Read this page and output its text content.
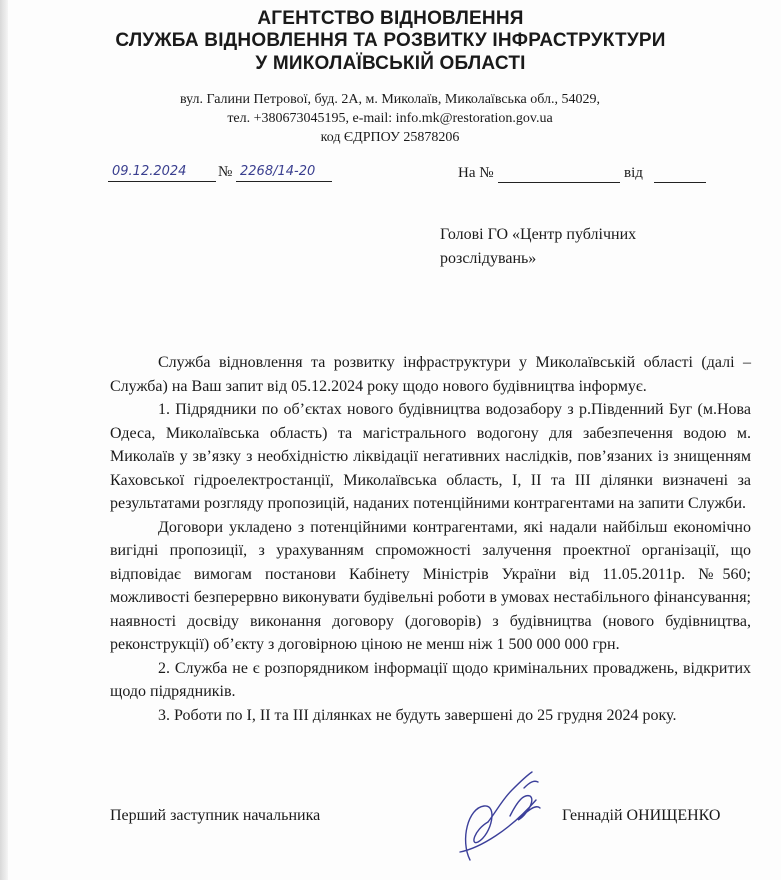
АГЕНТСТВО ВІДНОВЛЕННЯ
СЛУЖБА ВІДНОВЛЕННЯ ТА РОЗВИТКУ ІНФРАСТРУКТУРИ
У МИКОЛАЇВСЬКІЙ ОБЛАСТІ
вул. Галини Петрової, буд. 2А, м. Миколаїв, Миколаївська обл., 54029,
тел. +380673045195, e-mail: info.mk@restoration.gov.ua
код ЄДРПОУ 25878206
09.12.2024 № 2268/14-20	На №	від
Голові ГО «Центр публічних
розслідувань»

Служба відновлення та розвитку інфраструктури у Миколаївській області (далі – Служба) на Ваш запит від 05.12.2024 року щодо нового будівництва інформує.

1. Підрядники по об’єктах нового будівництва водозабору з р.Південний Буг (м.Нова Одеса, Миколаївська область) та магістрального водогону для забезпечення водою м. Миколаїв у зв’язку з необхідністю ліквідації негативних наслідків, пов’язаних із знищенням Каховської гідроелектростанції, Миколаївська область, I, II та III ділянки визначені за результатами розгляду пропозицій, наданих потенційними контрагентами на запити Служби.

Договори укладено з потенційними контрагентами, які надали найбільш економічно вигідні пропозиції, з урахуванням спроможності залучення проектної організації, що відповідає вимогам постанови Кабінету Міністрів України від 11.05.2011р. №560; можливості безперервно виконувати будівельні роботи в умовах нестабільного фінансування; наявності досвіду виконання договору (договорів) з будівництва (нового будівництва, реконструкції) об’єкту з договірною ціною не менш ніж 1 500 000 000 грн.

2. Служба не є розпорядником інформації щодо кримінальних проваджень, відкритих щодо підрядників.

3. Роботи по I, II та III ділянках не будуть завершені до 25 грудня 2024 року.

Перший заступник начальника	Геннадій ОНИЩЕНКО
